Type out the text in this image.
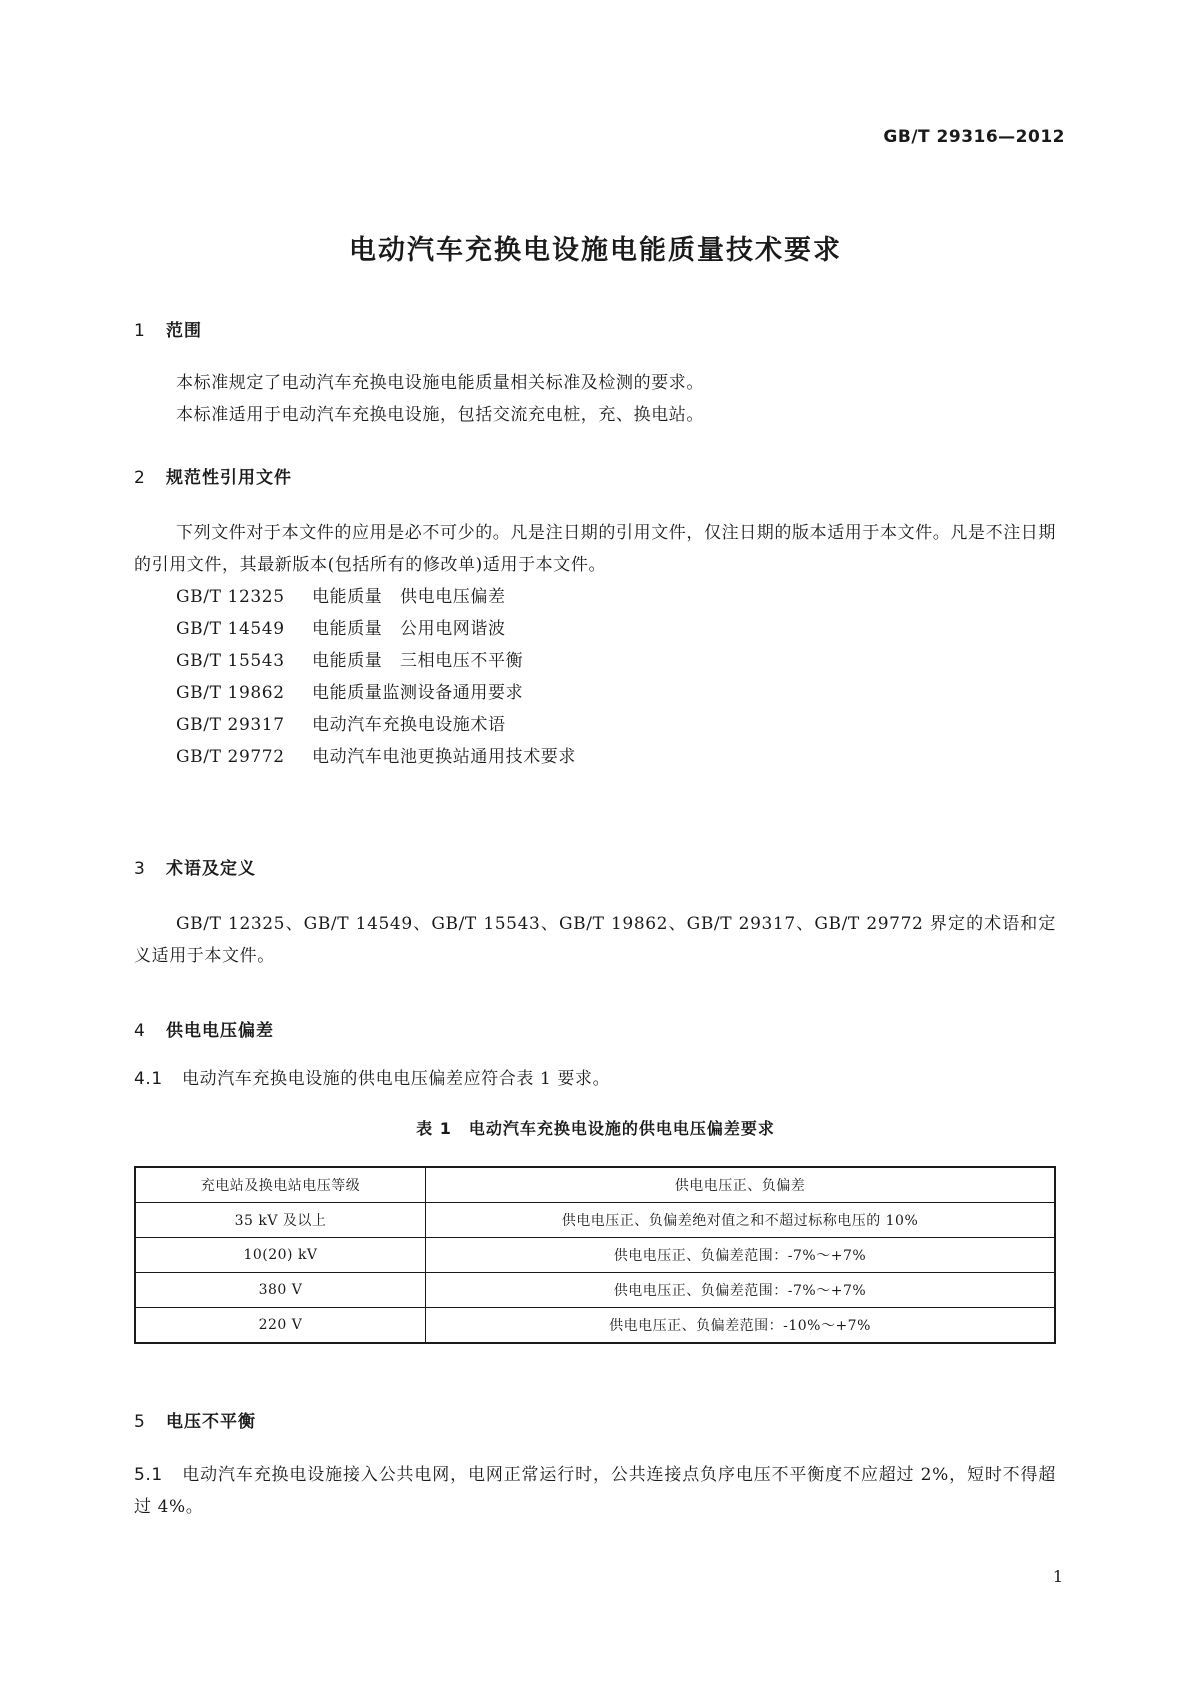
GB/T 29316—2012
电动汽车充换电设施电能质量技术要求
1 范围
本标准规定了电动汽车充换电设施电能质量相关标准及检测的要求。
本标准适用于电动汽车充换电设施，包括交流充电桩，充、换电站。
2 规范性引用文件
下列文件对于本文件的应用是必不可少的。凡是注日期的引用文件，仅注日期的版本适用于本文件。凡是不注日期的引用文件，其最新版本(包括所有的修改单)适用于本文件。
GB/T 12325 电能质量　供电电压偏差
GB/T 14549 电能质量　公用电网谐波
GB/T 15543 电能质量　三相电压不平衡
GB/T 19862 电能质量监测设备通用要求
GB/T 29317 电动汽车充换电设施术语
GB/T 29772 电动汽车电池更换站通用技术要求
3 术语及定义
GB/T 12325、GB/T 14549、GB/T 15543、GB/T 19862、GB/T 29317、GB/T 29772 界定的术语和定义适用于本文件。
4 供电电压偏差
4.1 电动汽车充换电设施的供电电压偏差应符合表 1 要求。
表 1　电动汽车充换电设施的供电电压偏差要求
充电站及换电站电压等级	供电电压正、负偏差
35 kV 及以上	供电电压正、负偏差绝对值之和不超过标称电压的 10%
10(20) kV	供电电压正、负偏差范围：-7%～+7%
380 V	供电电压正、负偏差范围：-7%～+7%
220 V	供电电压正、负偏差范围：-10%～+7%
5 电压不平衡
5.1 电动汽车充换电设施接入公共电网，电网正常运行时，公共连接点负序电压不平衡度不应超过 2%，短时不得超过 4%。
1
